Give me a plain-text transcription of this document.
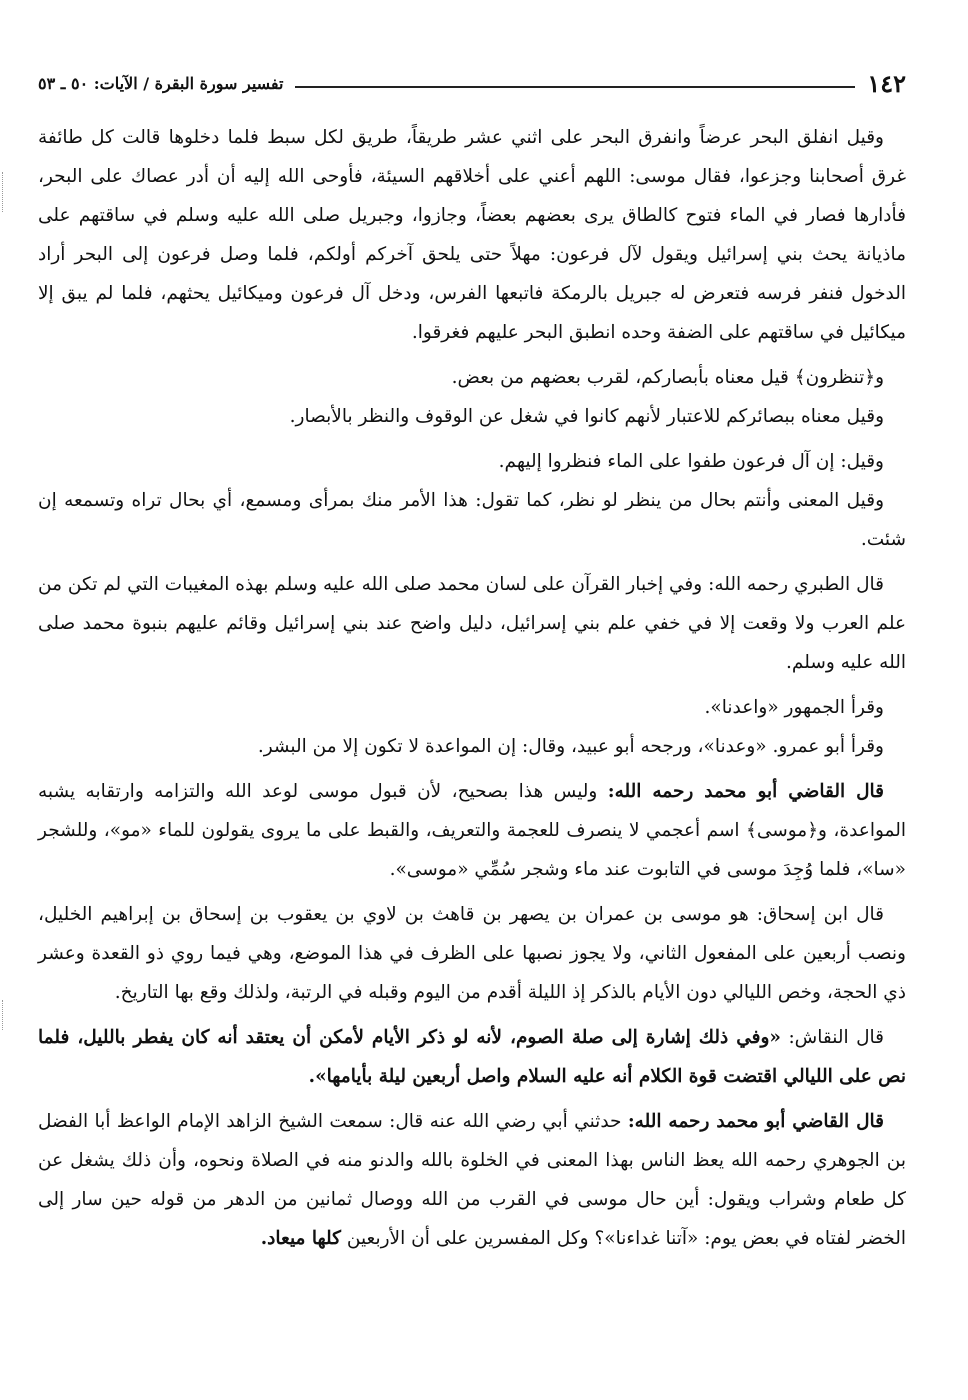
١٤٢
تفسير سورة البقرة / الآيات: ٥٠ ـ ٥٣

وقيل انفلق البحر عرضاً وانفرق البحر على اثني عشر طريقاً، طريق لكل سبط فلما دخلوها قالت كل طائفة غرق أصحابنا وجزعوا، فقال موسى: اللهم أعني على أخلاقهم السيئة، فأوحى الله إليه أن أدر عصاك على البحر، فأدارها فصار في الماء فتوح كالطاق يرى بعضهم بعضاً، وجازوا، وجبريل صلى الله عليه وسلم في ساقتهم على ماذيانة يحث بني إسرائيل ويقول لآل فرعون: مهلاً حتى يلحق آخركم أولكم، فلما وصل فرعون إلى البحر أراد الدخول فنفر فرسه فتعرض له جبريل بالرمكة فاتبعها الفرس، ودخل آل فرعون وميكائيل يحثهم، فلما لم يبق إلا ميكائيل في ساقتهم على الضفة وحده انطبق البحر عليهم فغرقوا.

و﴿تنظرون﴾ قيل معناه بأبصاركم، لقرب بعضهم من بعض.

وقيل معناه ببصائركم للاعتبار لأنهم كانوا في شغل عن الوقوف والنظر بالأبصار.

وقيل: إن آل فرعون طفوا على الماء فنظروا إليهم.

وقيل المعنى وأنتم بحال من ينظر لو نظر، كما تقول: هذا الأمر منك بمرأى ومسمع، أي بحال تراه وتسمعه إن شئت.

قال الطبري رحمه الله: وفي إخبار القرآن على لسان محمد صلى الله عليه وسلم بهذه المغيبات التي لم تكن من علم العرب ولا وقعت إلا في خفي علم بني إسرائيل، دليل واضح عند بني إسرائيل وقائم عليهم بنبوة محمد صلى الله عليه وسلم.

وقرأ الجمهور «واعدنا».

وقرأ أبو عمرو. «وعدنا»، ورجحه أبو عبيد، وقال: إن المواعدة لا تكون إلا من البشر.

قال القاضي أبو محمد رحمه الله: وليس هذا بصحيح، لأن قبول موسى لوعد الله والتزامه وارتقابه يشبه المواعدة، و﴿موسى﴾ اسم أعجمي لا ينصرف للعجمة والتعريف، والقبط على ما يروى يقولون للماء «مو»، وللشجر «سا»، فلما وُجِدَ موسى في التابوت عند ماء وشجر سُمِّي «موسى».

قال ابن إسحاق: هو موسى بن عمران بن يصهر بن قاهث بن لاوي بن يعقوب بن إسحاق بن إبراهيم الخليل، ونصب أربعين على المفعول الثاني، ولا يجوز نصبها على الظرف في هذا الموضع، وهي فيما روي ذو القعدة وعشر ذي الحجة، وخص الليالي دون الأيام بالذكر إذ الليلة أقدم من اليوم وقبله في الرتبة، ولذلك وقع بها التاريخ.

قال النقاش: «وفي ذلك إشارة إلى صلة الصوم، لأنه لو ذكر الأيام لأمكن أن يعتقد أنه كان يفطر بالليل، فلما نص على الليالي اقتضت قوة الكلام أنه عليه السلام واصل أربعين ليلة بأيامها».

قال القاضي أبو محمد رحمه الله: حدثني أبي رضي الله عنه قال: سمعت الشيخ الزاهد الإمام الواعظ أبا الفضل بن الجوهري رحمه الله يعظ الناس بهذا المعنى في الخلوة بالله والدنو منه في الصلاة ونحوه، وأن ذلك يشغل عن كل طعام وشراب ويقول: أين حال موسى في القرب من الله ووصال ثمانين من الدهر من قوله حين سار إلى الخضر لفتاه في بعض يوم: «آتنا غداءنا»؟ وكل المفسرين على أن الأربعين كلها ميعاد.
